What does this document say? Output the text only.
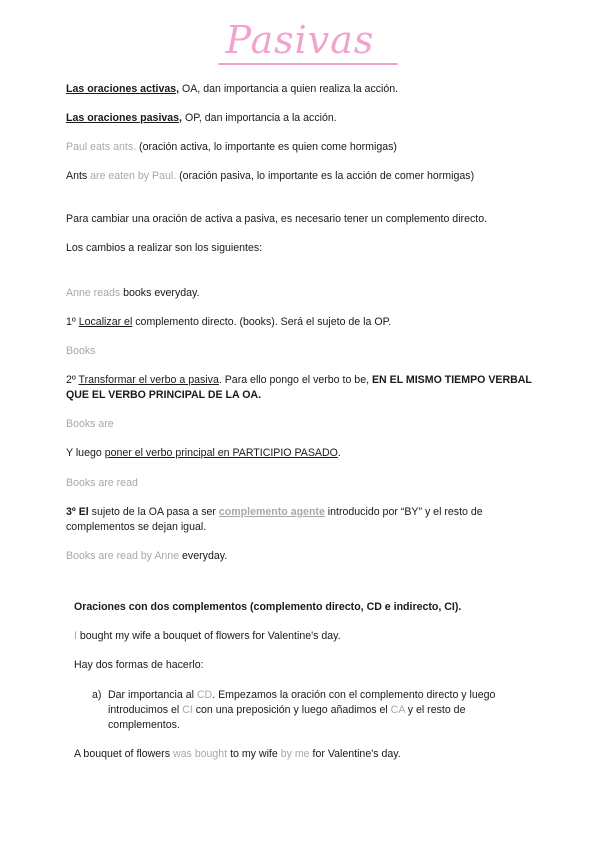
Pasivas
Las oraciones activas, OA, dan importancia a quien realiza la acción.
Las oraciones pasivas, OP, dan importancia a la acción.
Paul eats ants. (oración activa, lo importante es quien come hormigas)
Ants are eaten by Paul. (oración pasiva, lo importante es la acción de comer hormigas)
Para cambiar una oración de activa a pasiva, es necesario tener un complemento directo.
Los cambios a realizar son los siguientes:
Anne reads books everyday.
1º Localizar el complemento directo. (books). Será el sujeto de la OP.
Books
2º Transformar el verbo a pasiva. Para ello pongo el verbo to be, EN EL MISMO TIEMPO VERBAL QUE EL VERBO PRINCIPAL DE LA OA.
Books are
Y luego poner el verbo principal en PARTICIPIO PASADO.
Books are read
3º El sujeto de la OA pasa a ser complemento agente introducido por “BY” y el resto de complementos se dejan igual.
Books are read by Anne everyday.
Oraciones con dos complementos (complemento directo, CD e indirecto, CI).
I bought my wife a bouquet of flowers for Valentine's day.
Hay dos formas de hacerlo:
a) Dar importancia al CD. Empezamos la oración con el complemento directo y luego introducimos el CI con una preposición y luego añadimos el CA y el resto de complementos.
A bouquet of flowers was bought to my wife by me for Valentine's day.
